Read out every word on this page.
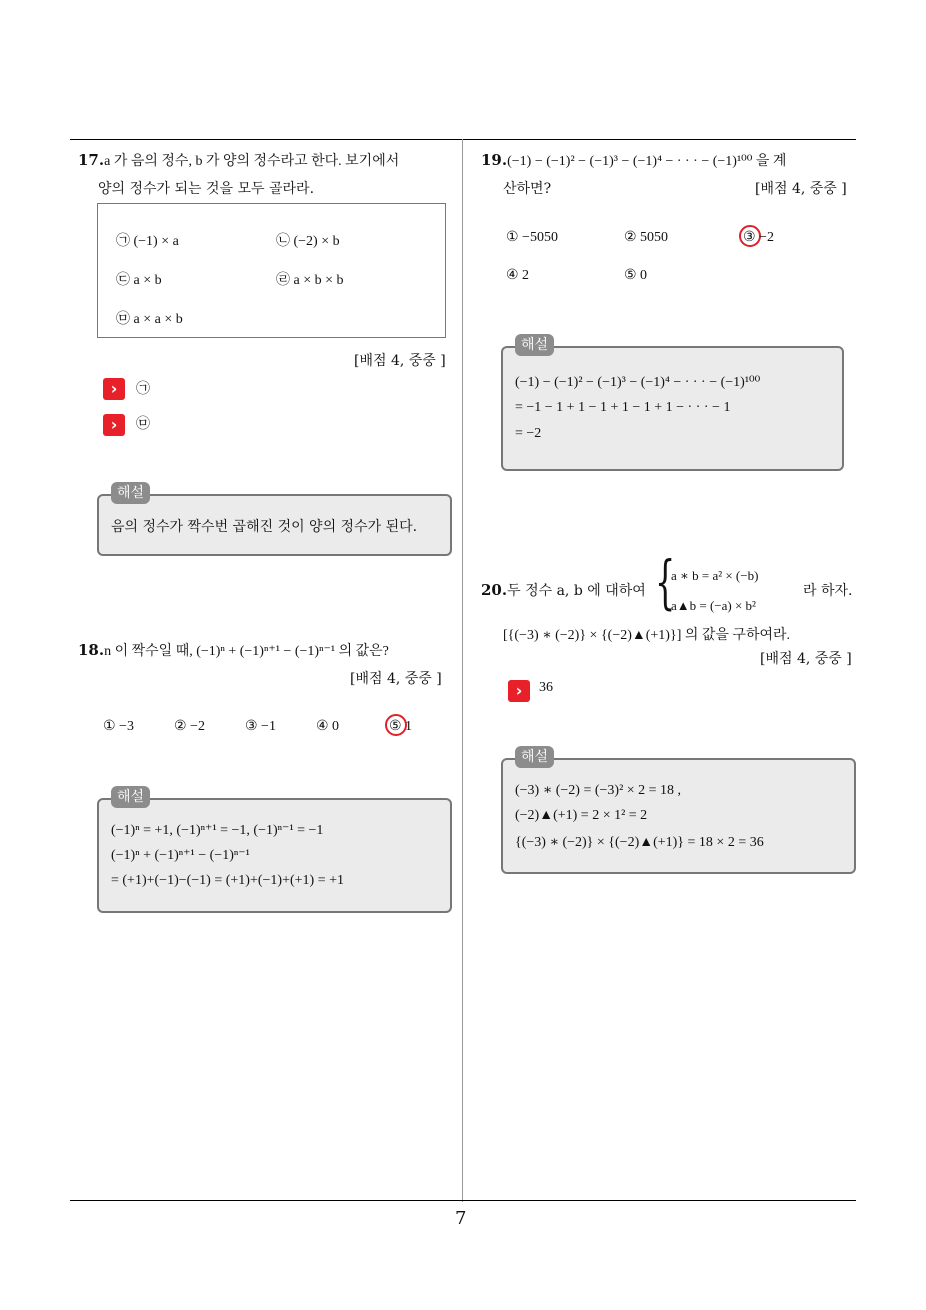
7
17.a 가 음의 정수, b 가 양의 정수라고 한다. 보기에서
양의 정수가 되는 것을 모두 골라라.
㉠ (−1) × a	㉡ (−2) × b
㉢ a × b	㉣ a × b × b
㉤ a × a × b
[배점 4, 중중 ]
›	㉠
›	㉤
해설
음의 정수가 짝수번 곱해진 것이 양의 정수가 된다.
18.n 이 짝수일 때, (−1)ⁿ + (−1)ⁿ⁺¹ − (−1)ⁿ⁻¹ 의 값은?
[배점 4, 중중 ]
① −3	② −2	③ −1	④ 0	⑤ 1
해설
(−1)ⁿ = +1, (−1)ⁿ⁺¹ = −1, (−1)ⁿ⁻¹ = −1
(−1)ⁿ + (−1)ⁿ⁺¹ − (−1)ⁿ⁻¹
= (+1)+(−1)−(−1) = (+1)+(−1)+(+1) = +1
19.(−1) − (−1)² − (−1)³ − (−1)⁴ − · · · − (−1)¹⁰⁰ 을 계
산하면?	[배점 4, 중중 ]
① −5050	② 5050	③ −2
④ 2	⑤ 0
해설
(−1) − (−1)² − (−1)³ − (−1)⁴ − · · · − (−1)¹⁰⁰
= −1 − 1 + 1 − 1 + 1 − 1 + 1 − · · · − 1
= −2
20.두 정수 a, b 에 대하여 {
a ∗ b = a² × (−b)
a▲b = (−a) × b²
라 하자.
[{(−3) ∗ (−2)} × {(−2)▲(+1)}] 의 값을 구하여라.
[배점 4, 중중 ]
›	36
해설
(−3) ∗ (−2) = (−3)² × 2 = 18 ,
(−2)▲(+1) = 2 × 1² = 2
{(−3) ∗ (−2)} × {(−2)▲(+1)} = 18 × 2 = 36
